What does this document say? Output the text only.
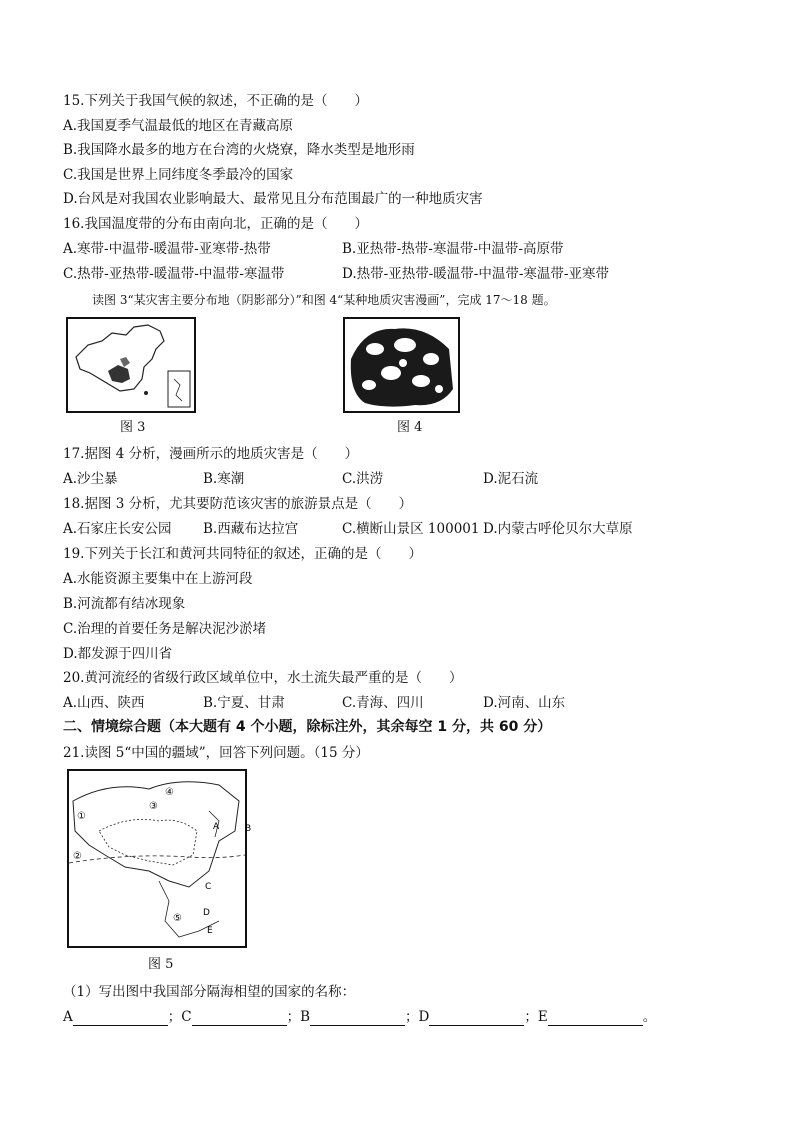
15.下列关于我国气候的叙述，不正确的是（　　）
A.我国夏季气温最低的地区在青藏高原
B.我国降水最多的地方在台湾的火烧寮，降水类型是地形雨
C.我国是世界上同纬度冬季最冷的国家
D.台风是对我国农业影响最大、最常见且分布范围最广的一种地质灾害
16.我国温度带的分布由南向北，正确的是（　　）
A.寒带-中温带-暖温带-亚寒带-热带	B.亚热带-热带-寒温带-中温带-高原带
C.热带-亚热带-暖温带-中温带-寒温带	D.热带-亚热带-暖温带-中温带-寒温带-亚寒带
读图 3“某灾害主要分布地（阴影部分）”和图 4“某种地质灾害漫画”，完成 17～18 题。
图 3	图 4
17.据图 4 分析，漫画所示的地质灾害是（　　）
A.沙尘暴	B.寒潮	C.洪涝	D.泥石流
18.据图 3 分析，尤其要防范该灾害的旅游景点是（　　）
A.石家庄长安公园 B.西藏布达拉宫	C.横断山景区 100001 D.内蒙古呼伦贝尔大草原
19.下列关于长江和黄河共同特征的叙述，正确的是（　　）
A.水能资源主要集中在上游河段
B.河流都有结冰现象
C.治理的首要任务是解决泥沙淤堵
D.都发源于四川省
20.黄河流经的省级行政区域单位中，水土流失最严重的是（　　）
A.山西、陕西	B.宁夏、甘肃	C.青海、四川	D.河南、山东
二、情境综合题（本大题有 4 个小题，除标注外，其余每空 1 分，共 60 分）
21.读图 5“中国的疆域”，回答下列问题。（15 分）
④
③
②
①
⑤
A	B
C
D
E
图 5
（1）写出图中我国部分隔海相望的国家的名称：
A	；C	；B	；D	；E	。
